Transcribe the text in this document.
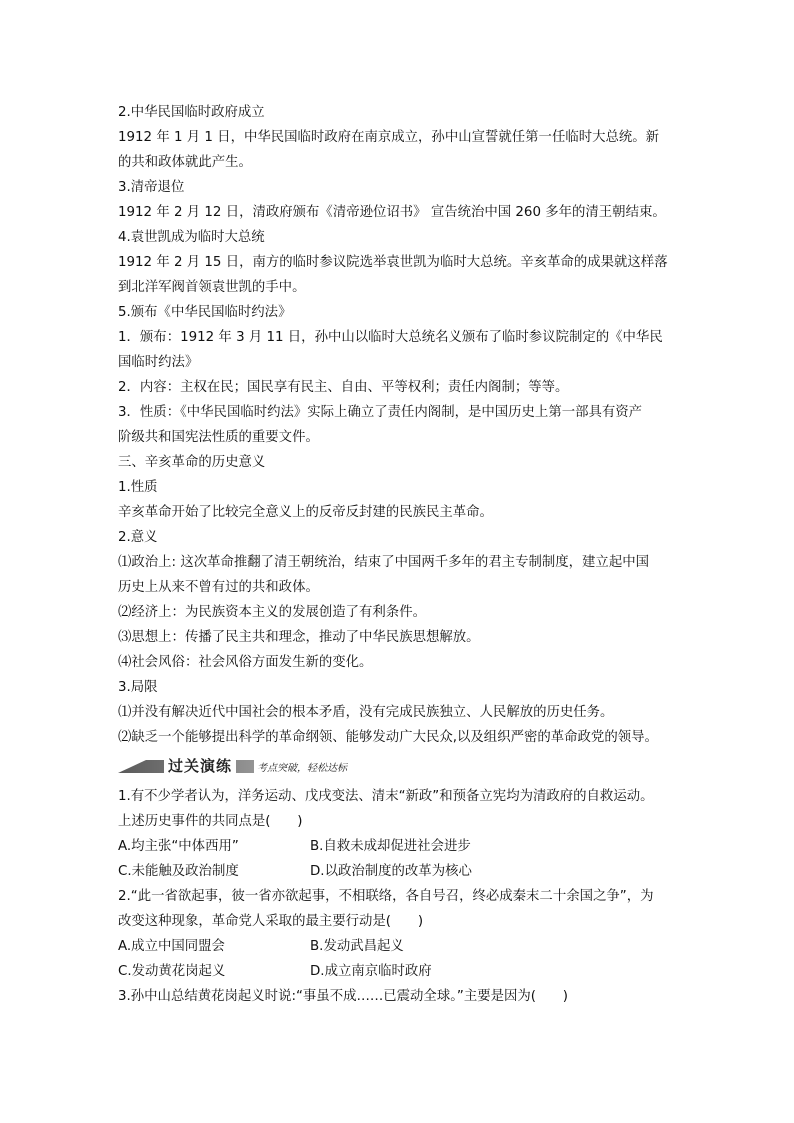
2.中华民国临时政府成立
1912 年 1 月 1 日，中华民国临时政府在南京成立，孙中山宣誓就任第一任临时大总统。新
的共和政体就此产生。
3.清帝退位
1912 年 2 月 12 日，清政府颁布《清帝逊位诏书》 宣告统治中国 260 多年的清王朝结束。
4.袁世凯成为临时大总统
1912 年 2 月 15 日，南方的临时参议院选举袁世凯为临时大总统。辛亥革命的成果就这样落
到北洋军阀首领袁世凯的手中。
5.颁布《中华民国临时约法》
1．颁布：1912 年 3 月 11 日，孙中山以临时大总统名义颁布了临时参议院制定的《中华民
国临时约法》
2．内容：主权在民；国民享有民主、自由、平等权利；责任内阁制；等等。
3．性质：《中华民国临时约法》实际上确立了责任内阁制，是中国历史上第一部具有资产
阶级共和国宪法性质的重要文件。
三、辛亥革命的历史意义
1.性质
辛亥革命开始了比较完全意义上的反帝反封建的民族民主革命。
2.意义
⑴政治上: 这次革命推翻了清王朝统治，结束了中国两千多年的君主专制制度，建立起中国
历史上从来不曾有过的共和政体。
⑵经济上：为民族资本主义的发展创造了有利条件。
⑶思想上：传播了民主共和理念，推动了中华民族思想解放。
⑷社会风俗：社会风俗方面发生新的变化。
3.局限
⑴并没有解决近代中国社会的根本矛盾，没有完成民族独立、人民解放的历史任务。
⑵缺乏一个能够提出科学的革命纲领、能够发动广大民众,以及组织严密的革命政党的领导。
过关演练	考点突破，轻松达标
1.有不少学者认为，洋务运动、戊戌变法、清末“新政”和预备立宪均为清政府的自救运动。
上述历史事件的共同点是(　　)
A.均主张“中体西用”	B.自救未成却促进社会进步
C.未能触及政治制度	D.以政治制度的改革为核心
2.“此一省欲起事，彼一省亦欲起事，不相联络，各自号召，终必成秦末二十余国之争”，为
改变这种现象，革命党人采取的最主要行动是(　　)
A.成立中国同盟会	B.发动武昌起义
C.发动黄花岗起义	D.成立南京临时政府
3.孙中山总结黄花岗起义时说:“事虽不成……已震动全球。”主要是因为(　　)
